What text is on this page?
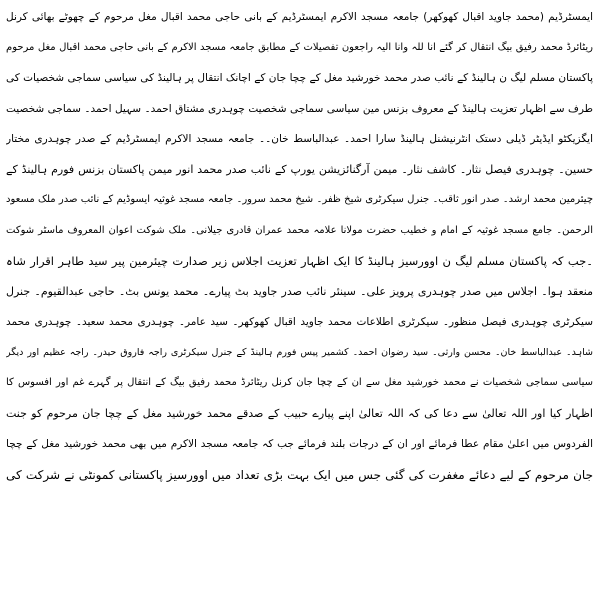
ایمسٹرڈیم (محمد جاوید اقبال کھوکھر) جامعہ مسجد الاکرم ایمسٹرڈیم کے بانی حاجی محمد اقبال مغل مرحوم کے چھوٹے بھائی کرنل
ریٹائرڈ محمد رفیق بیگ انتقال کر گئے انا للہ وانا الیہ راجعون تفصیلات کے مطابق جامعہ مسجد الاکرم کے بانی حاجی محمد اقبال مغل مرحوم
پاکستان مسلم لیگ ن ہالینڈ کے نائب صدر محمد خورشید مغل کے چچا جان کے اچانک انتقال پر ہالینڈ کی سیاسی سماجی شخصیات کی
طرف سے اظہار تعزیت ہالینڈ کے معروف بزنس مین سیاسی سماجی شخصیت چوہدری مشتاق احمد۔ سہیل احمد۔ سماجی شخصیت
ایگزیکٹو ایڈیٹر ڈیلی دستک انٹرنیشنل ہالینڈ سارا احمد۔ عبدالباسط خان۔۔ جامعہ مسجد الاکرم ایمسٹرڈیم کے صدر چوہدری مختار
حسین۔ چوہدری فیصل نثار۔ کاشف نثار۔ میمن آرگنائزیشن یورپ کے نائب صدر محمد انور میمن پاکستان بزنس فورم ہالینڈ کے
چیئرمین محمد ارشد۔ صدر انور ثاقب۔ جنرل سیکرٹری شیخ ظفر۔ شیخ محمد سرور۔ جامعہ مسجد غوثیہ ایسوڈیم کے نائب صدر ملک مسعود
الرحمن۔ جامع مسجد غوثیہ کے امام و خطیب حضرت مولانا علامہ محمد عمران قادری جیلانی۔ ملک شوکت اعوان المعروف ماسٹر شوکت
۔جب کہ پاکستان مسلم لیگ ن اوورسیز ہالینڈ کا ایک اظہار تعزیت اجلاس زیر صدارت چیئرمین پیر سید طاہر اقرار شاہ
منعقد ہوا۔ اجلاس میں صدر چوہدری پرویز علی۔ سینئر نائب صدر جاوید بٹ پیارے۔ محمد یونس بٹ۔ حاجی عبدالقیوم۔ جنرل
سیکرٹری چوہدری فیصل منظور۔ سیکرٹری اطلاعات محمد جاوید اقبال کھوکھر۔ سید عامر۔ چوہدری محمد سعید۔ چوہدری محمد
شاہد۔ عبدالباسط خان۔ محسن وارثی۔ سید رضوان احمد۔ کشمیر پیس فورم ہالینڈ کے جنرل سیکرٹری راجہ فاروق حیدر۔ راجہ عظیم اور دیگر
سیاسی سماجی شخصیات نے محمد خورشید مغل سے ان کے چچا جان کرنل ریٹائرڈ محمد رفیق بیگ کے انتقال پر گہرے غم اور افسوس کا
اظہار کیا اور اللہ تعالیٰ سے دعا کی کہ اللہ تعالیٰ اپنے پیارے حبیب کے صدقے محمد خورشید مغل کے چچا جان مرحوم کو جنت
الفردوس میں اعلیٰ مقام عطا فرمائے اور ان کے درجات بلند فرمائے جب کہ جامعہ مسجد الاکرم میں بھی محمد خورشید مغل کے چچا
جان مرحوم کے لیے دعائے مغفرت کی گئی جس میں ایک بہت بڑی تعداد میں اوورسیز پاکستانی کمونٹی نے شرکت کی
